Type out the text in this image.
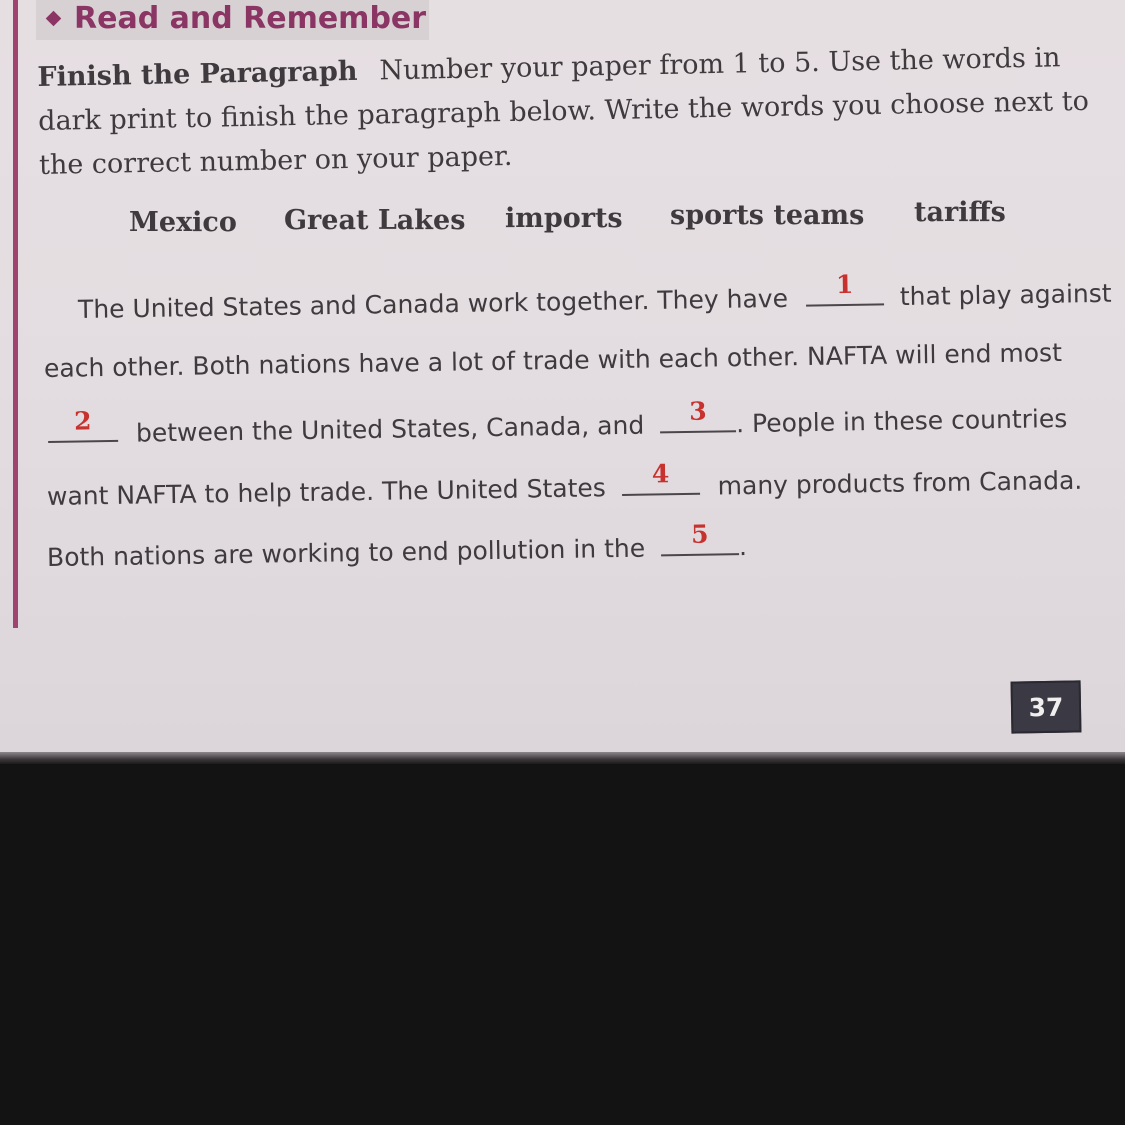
Read and Remember
Finish the Paragraph Number your paper from 1 to 5. Use the words in dark print to finish the paragraph below. Write the words you choose next to the correct number on your paper.
Mexico Great Lakes imports sports teams tariffs
The United States and Canada work together. They have	1	that play against
each other. Both nations have a lot of trade with each other. NAFTA will end most
2	between the United States, Canada, and	3	. People in these countries
want NAFTA to help trade. The United States	4	many products from Canada.
Both nations are working to end pollution in the	5	.
37
